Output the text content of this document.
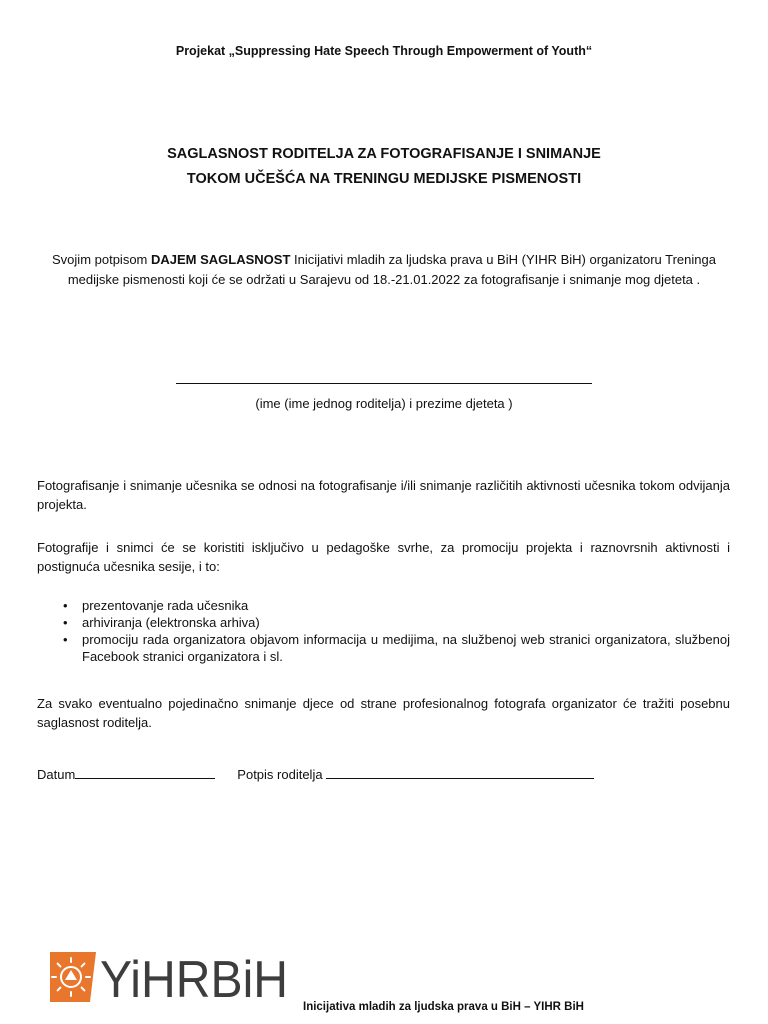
Projekat „Suppressing Hate Speech Through Empowerment of Youth“
SAGLASNOST RODITELJA ZA FOTOGRAFISANJE I SNIMANJE
TOKOM UČEŠĆA NA TRENINGU MEDIJSKE PISMENOSTI
Svojim potpisom DAJEM SAGLASNOST Inicijativi mladih za ljudska prava u BiH (YIHR BiH) organizatoru Treninga medijske pismenosti koji će se održati u Sarajevu od 18.-21.01.2022 za fotografisanje i snimanje mog djeteta .
(ime (ime jednog roditelja) i prezime djeteta )
Fotografisanje i snimanje učesnika se odnosi na fotografisanje i/ili snimanje različitih aktivnosti učesnika tokom odvijanja projekta.
Fotografije i snimci će se koristiti isključivo u pedagoške svrhe, za promociju projekta i raznovrsnih aktivnosti i postignuća učesnika sesije, i to:
• prezentovanje rada učesnika
• arhiviranja (elektronska arhiva)
• promociju rada organizatora objavom informacija u medijima, na službenoj web stranici organizatora, službenoj Facebook stranici organizatora i sl.
Za svako eventualno pojedinačno snimanje djece od strane profesionalnog fotografa organizator će tražiti posebnu saglasnost roditelja.
Datum	Potpis roditelja
YiHRBiH Inicijativa mladih za ljudska prava u BiH – YIHR BiH
